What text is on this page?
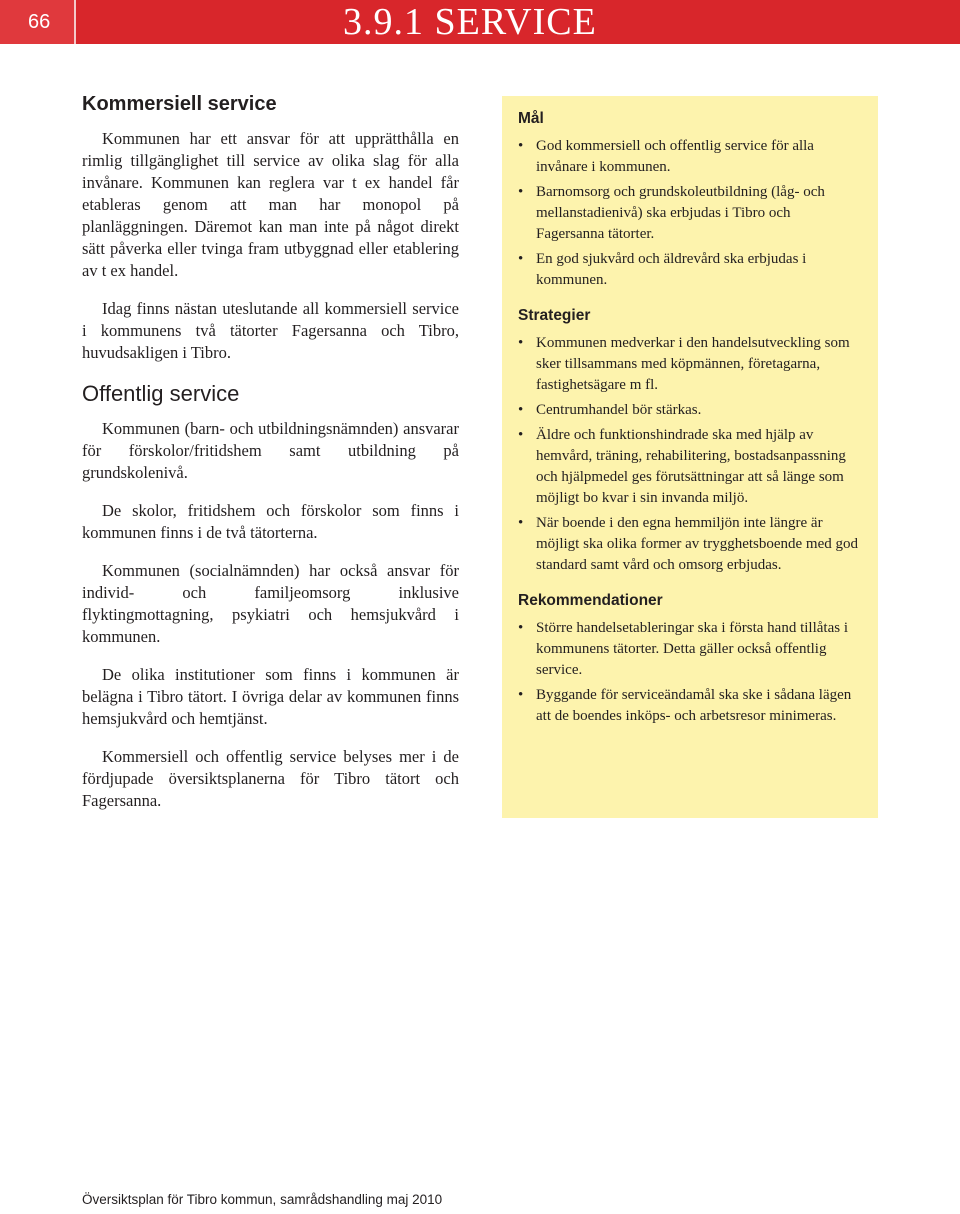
66	3.9.1 SERVICE
Kommersiell service

Kommunen har ett ansvar för att upprätthålla en rimlig tillgänglighet till service av olika slag för alla invånare. Kommunen kan reglera var t ex handel får etableras genom att man har monopol på planläggningen. Däremot kan man inte på något direkt sätt påverka eller tvinga fram utbyggnad eller etablering av t ex handel.

Idag finns nästan uteslutande all kommersiell service i kommunens två tätorter Fagersanna och Tibro, huvudsakligen i Tibro.

Offentlig service

Kommunen (barn- och utbildningsnämnden) ansvarar för förskolor/fritidshem samt utbildning på grundskolenivå.

De skolor, fritidshem och förskolor som finns i kommunen finns i de två tätorterna.

Kommunen (socialnämnden) har också ansvar för individ- och familjeomsorg inklusive flyktingmottagning, psykiatri och hemsjukvård i kommunen.

De olika institutioner som finns i kommunen är belägna i Tibro tätort. I övriga delar av kommunen finns hemsjukvård och hemtjänst.

Kommersiell och offentlig service belyses mer i de fördjupade översiktsplanerna för Tibro tätort och Fagersanna.

Mål
• God kommersiell och offentlig service för alla invånare i kommunen.
• Barnomsorg och grundskoleutbildning (låg- och mellanstadienivå) ska erbjudas i Tibro och Fagersanna tätorter.
• En god sjukvård och äldrevård ska erbjudas i kommunen.
Strategier
• Kommunen medverkar i den handelsutveckling som sker tillsammans med köpmännen, företagarna, fastighetsägare m fl.
• Centrumhandel bör stärkas.
• Äldre och funktionshindrade ska med hjälp av hemvård, träning, rehabilitering, bostadsanpassning och hjälpmedel ges förutsättningar att så länge som möjligt bo kvar i sin invanda miljö.
• När boende i den egna hemmiljön inte längre är möjligt ska olika former av trygghetsboende med god standard samt vård och omsorg erbjudas.
Rekommendationer
• Större handelsetableringar ska i första hand tillåtas i kommunens tätorter. Detta gäller också offentlig service.
• Byggande för serviceändamål ska ske i sådana lägen att de boendes inköps- och arbetsresor minimeras.
Översiktsplan för Tibro kommun, samrådshandling maj 2010
